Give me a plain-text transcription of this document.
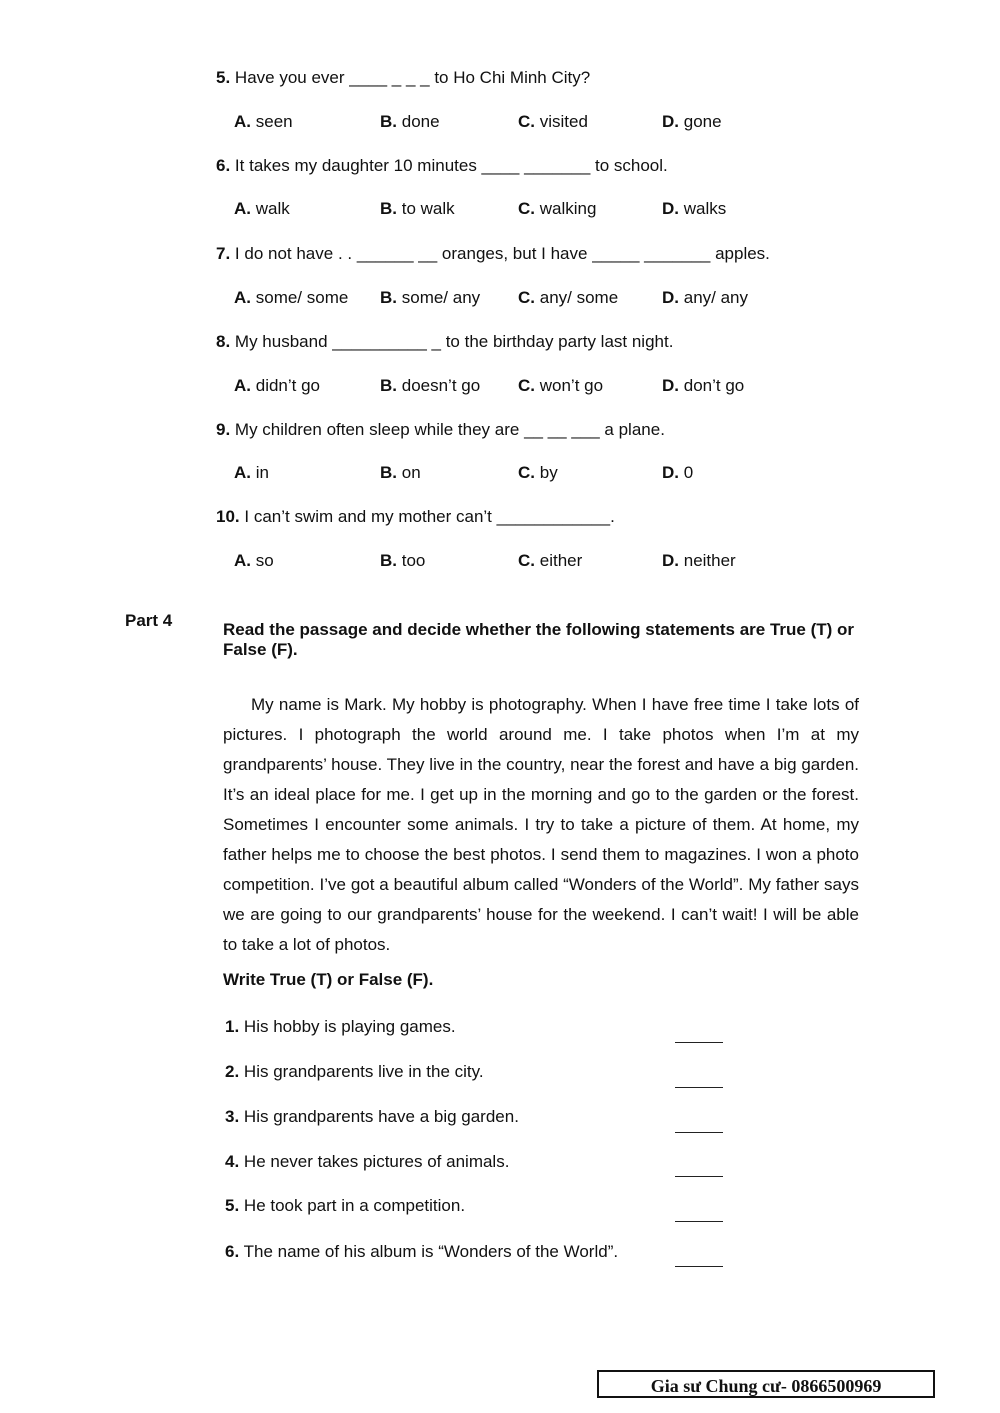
5. Have you ever ____ _ _ _ to Ho Chi Minh City?
A. seen	B. done	C. visited	D. gone
6. It takes my daughter 10 minutes ____ _______ to school.
A. walk	B. to walk	C. walking	D. walks
7. I do not have . . ______ __ oranges, but I have _____ _______ apples.
A. some/ some B. some/ any C. any/ some	D. any/ any
8. My husband __________ _ to the birthday party last night.
A. didn’t go	B. doesn’t go C. won’t go	D. don’t go
9. My children often sleep while they are __ __ ___ a plane.
A. in	B. on	C. by	D. 0
10. I can’t swim and my mother can’t ____________.
A. so	B. too	C. either	D. neither
Part 4	Read the passage and decide whether the following statements are True (T) or False (F).
My name is Mark. My hobby is photography. When I have free time I take lots of pictures. I photograph the world around me. I take photos when I’m at my grandparents’ house. They live in the country, near the forest and have a big garden. It’s an ideal place for me. I get up in the morning and go to the garden or the forest. Sometimes I encounter some animals. I try to take a picture of them. At home, my father helps me to choose the best photos. I send them to magazines. I won a photo competition. I’ve got a beautiful album called “Wonders of the World”. My father says we are going to our grandparents’ house for the weekend. I can’t wait! I will be able to take a lot of photos.
Write True (T) or False (F).
1. His hobby is playing games.
2. His grandparents live in the city.
3. His grandparents have a big garden.
4. He never takes pictures of animals.
5. He took part in a competition.
6. The name of his album is “Wonders of the World”.
Gia sư Chung cư- 0866500969
